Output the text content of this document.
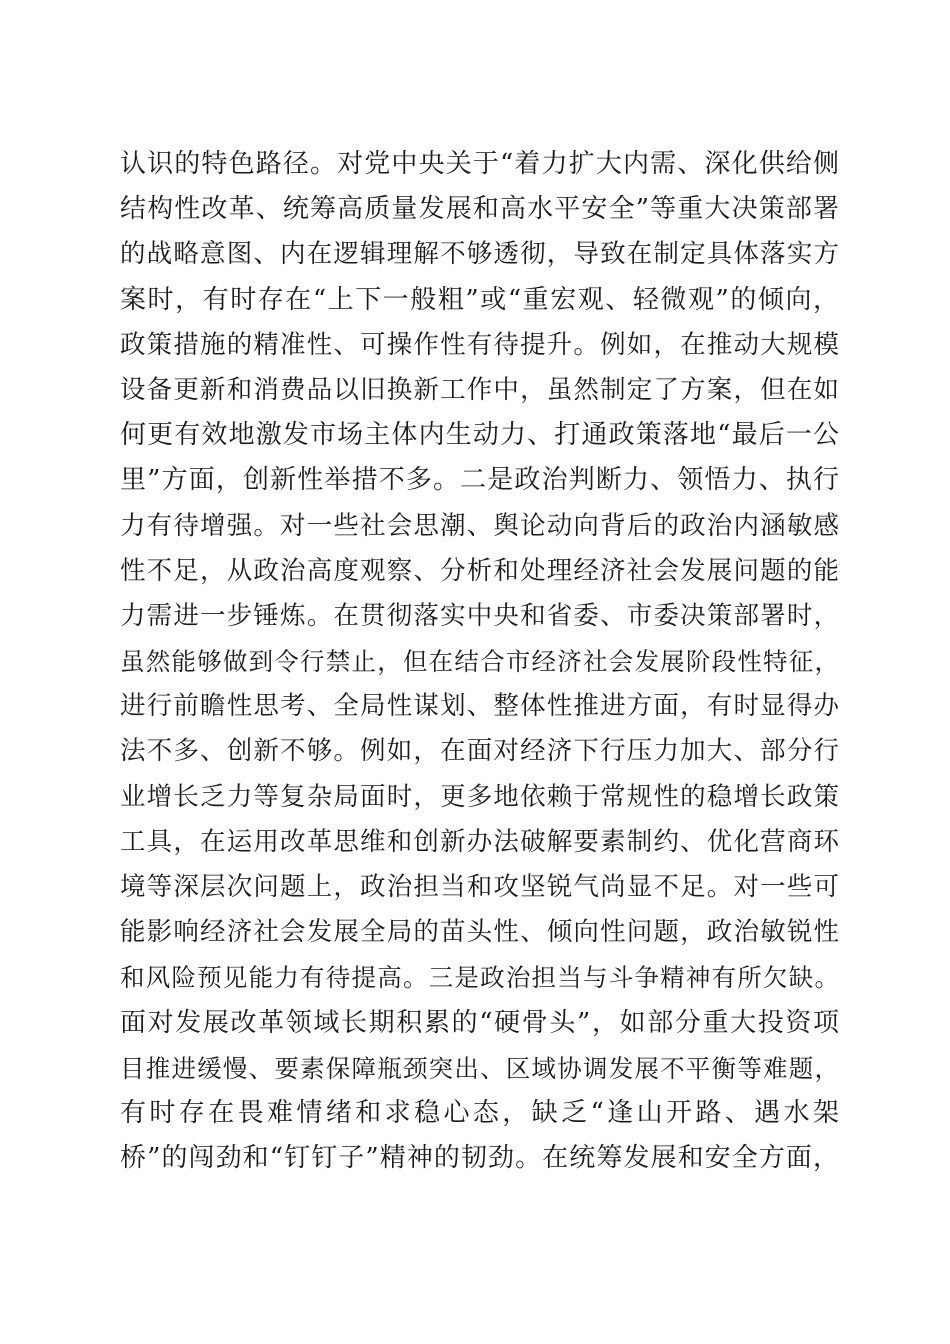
认识的特色路径。对党中央关于“着力扩大内需、深化供给侧
结构性改革、统筹高质量发展和高水平安全”等重大决策部署
的战略意图、内在逻辑理解不够透彻，导致在制定具体落实方
案时，有时存在“上下一般粗”或“重宏观、轻微观”的倾向，
政策措施的精准性、可操作性有待提升。例如，在推动大规模
设备更新和消费品以旧换新工作中，虽然制定了方案，但在如
何更有效地激发市场主体内生动力、打通政策落地“最后一公
里”方面，创新性举措不多。二是政治判断力、领悟力、执行
力有待增强。对一些社会思潮、舆论动向背后的政治内涵敏感
性不足，从政治高度观察、分析和处理经济社会发展问题的能
力需进一步锤炼。在贯彻落实中央和省委、市委决策部署时，
虽然能够做到令行禁止，但在结合市经济社会发展阶段性特征，
进行前瞻性思考、全局性谋划、整体性推进方面，有时显得办
法不多、创新不够。例如，在面对经济下行压力加大、部分行
业增长乏力等复杂局面时，更多地依赖于常规性的稳增长政策
工具，在运用改革思维和创新办法破解要素制约、优化营商环
境等深层次问题上，政治担当和攻坚锐气尚显不足。对一些可
能影响经济社会发展全局的苗头性、倾向性问题，政治敏锐性
和风险预见能力有待提高。三是政治担当与斗争精神有所欠缺。
面对发展改革领域长期积累的“硬骨头”，如部分重大投资项
目推进缓慢、要素保障瓶颈突出、区域协调发展不平衡等难题，
有时存在畏难情绪和求稳心态，缺乏“逢山开路、遇水架
桥”的闯劲和“钉钉子”精神的韧劲。在统筹发展和安全方面，
